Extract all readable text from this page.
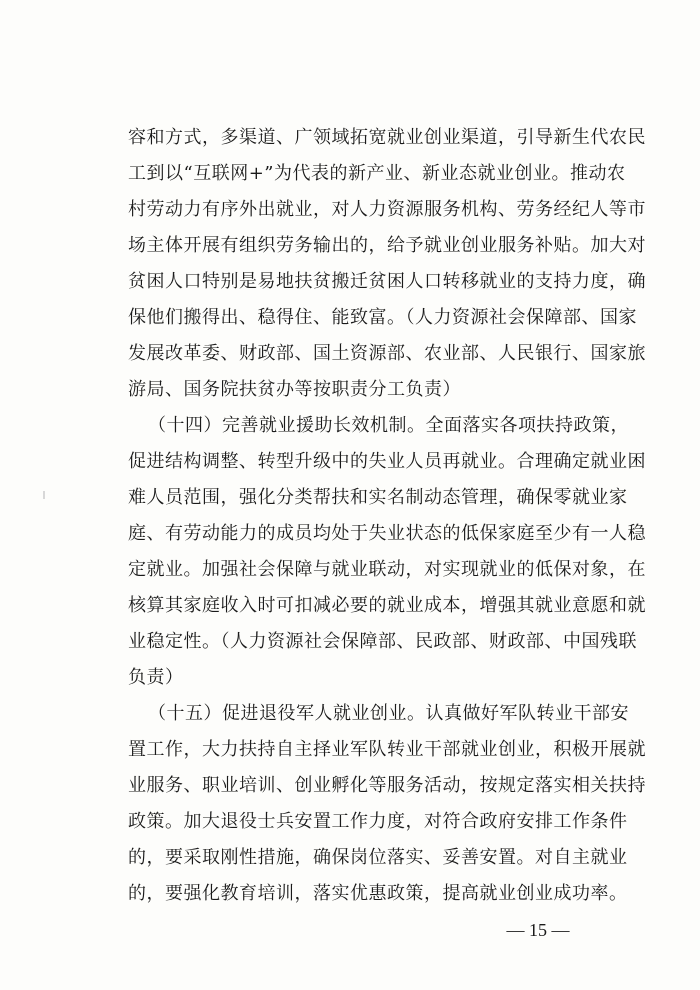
容和方式，多渠道、广领域拓宽就业创业渠道，引导新生代农民
工到以“互联网+”为代表的新产业、新业态就业创业。推动农
村劳动力有序外出就业，对人力资源服务机构、劳务经纪人等市
场主体开展有组织劳务输出的，给予就业创业服务补贴。加大对
贫困人口特别是易地扶贫搬迁贫困人口转移就业的支持力度，确
保他们搬得出、稳得住、能致富。（人力资源社会保障部、国家
发展改革委、财政部、国土资源部、农业部、人民银行、国家旅
游局、国务院扶贫办等按职责分工负责）
（十四）完善就业援助长效机制。全面落实各项扶持政策，
促进结构调整、转型升级中的失业人员再就业。合理确定就业困
难人员范围，强化分类帮扶和实名制动态管理，确保零就业家
庭、有劳动能力的成员均处于失业状态的低保家庭至少有一人稳
定就业。加强社会保障与就业联动，对实现就业的低保对象，在
核算其家庭收入时可扣减必要的就业成本，增强其就业意愿和就
业稳定性。（人力资源社会保障部、民政部、财政部、中国残联
负责）
（十五）促进退役军人就业创业。认真做好军队转业干部安
置工作，大力扶持自主择业军队转业干部就业创业，积极开展就
业服务、职业培训、创业孵化等服务活动，按规定落实相关扶持
政策。加大退役士兵安置工作力度，对符合政府安排工作条件
的，要采取刚性措施，确保岗位落实、妥善安置。对自主就业
的，要强化教育培训，落实优惠政策，提高就业创业成功率。
— 15 —
